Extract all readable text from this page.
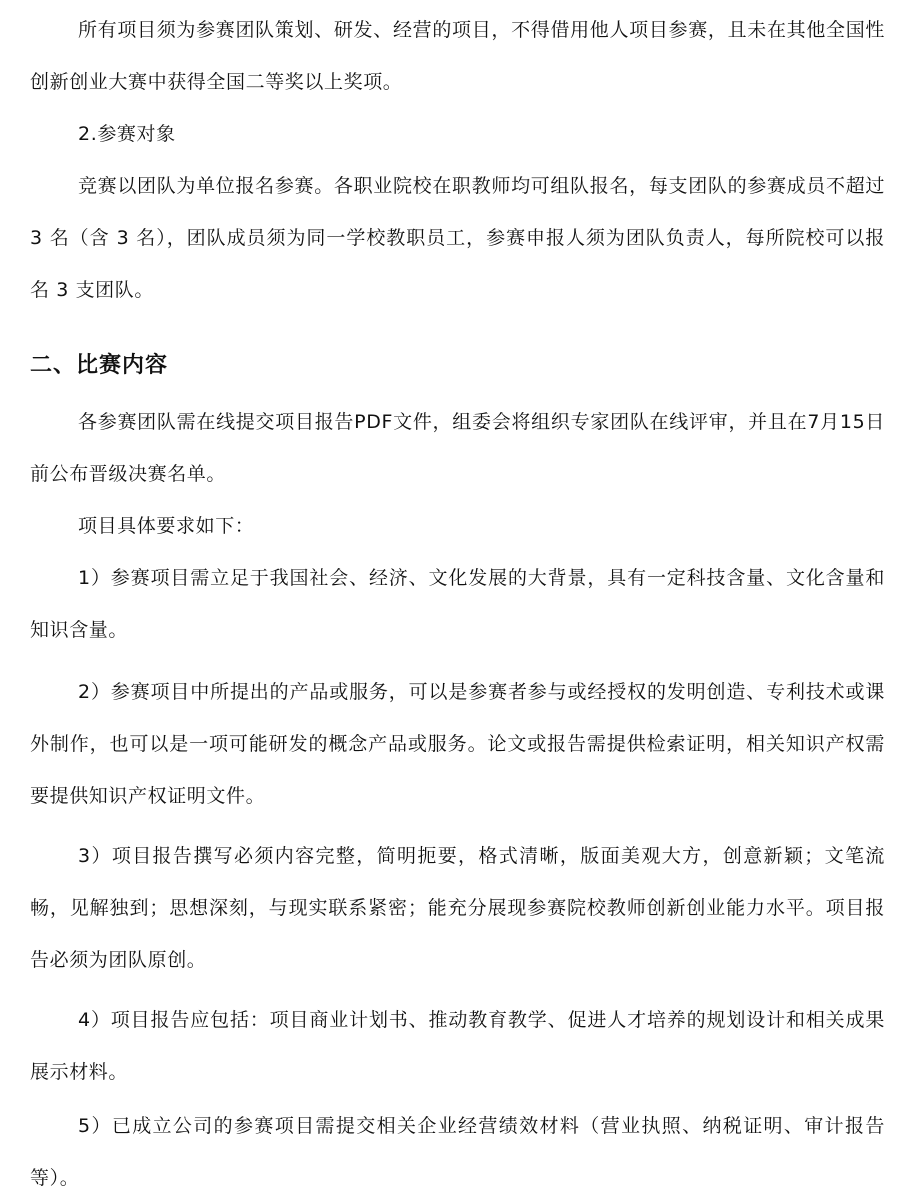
所有项目须为参赛团队策划、研发、经营的项目，不得借用他人项目参赛，且未在其他全国性创新创业大赛中获得全国二等奖以上奖项。

2.参赛对象

竞赛以团队为单位报名参赛。各职业院校在职教师均可组队报名，每支团队的参赛成员不超过 3 名（含 3 名），团队成员须为同一学校教职员工，参赛申报人须为团队负责人，每所院校可以报名 3 支团队。

二、比赛内容

各参赛团队需在线提交项目报告PDF文件，组委会将组织专家团队在线评审，并且在7月15日前公布晋级决赛名单。

项目具体要求如下：

1）参赛项目需立足于我国社会、经济、文化发展的大背景，具有一定科技含量、文化含量和知识含量。

2）参赛项目中所提出的产品或服务，可以是参赛者参与或经授权的发明创造、专利技术或课外制作，也可以是一项可能研发的概念产品或服务。论文或报告需提供检索证明，相关知识产权需要提供知识产权证明文件。

3）项目报告撰写必须内容完整，简明扼要，格式清晰，版面美观大方，创意新颖；文笔流畅，见解独到；思想深刻，与现实联系紧密；能充分展现参赛院校教师创新创业能力水平。项目报告必须为团队原创。

4）项目报告应包括：项目商业计划书、推动教育教学、促进人才培养的规划设计和相关成果展示材料。

5）已成立公司的参赛项目需提交相关企业经营绩效材料（营业执照、纳税证明、审计报告等）。
